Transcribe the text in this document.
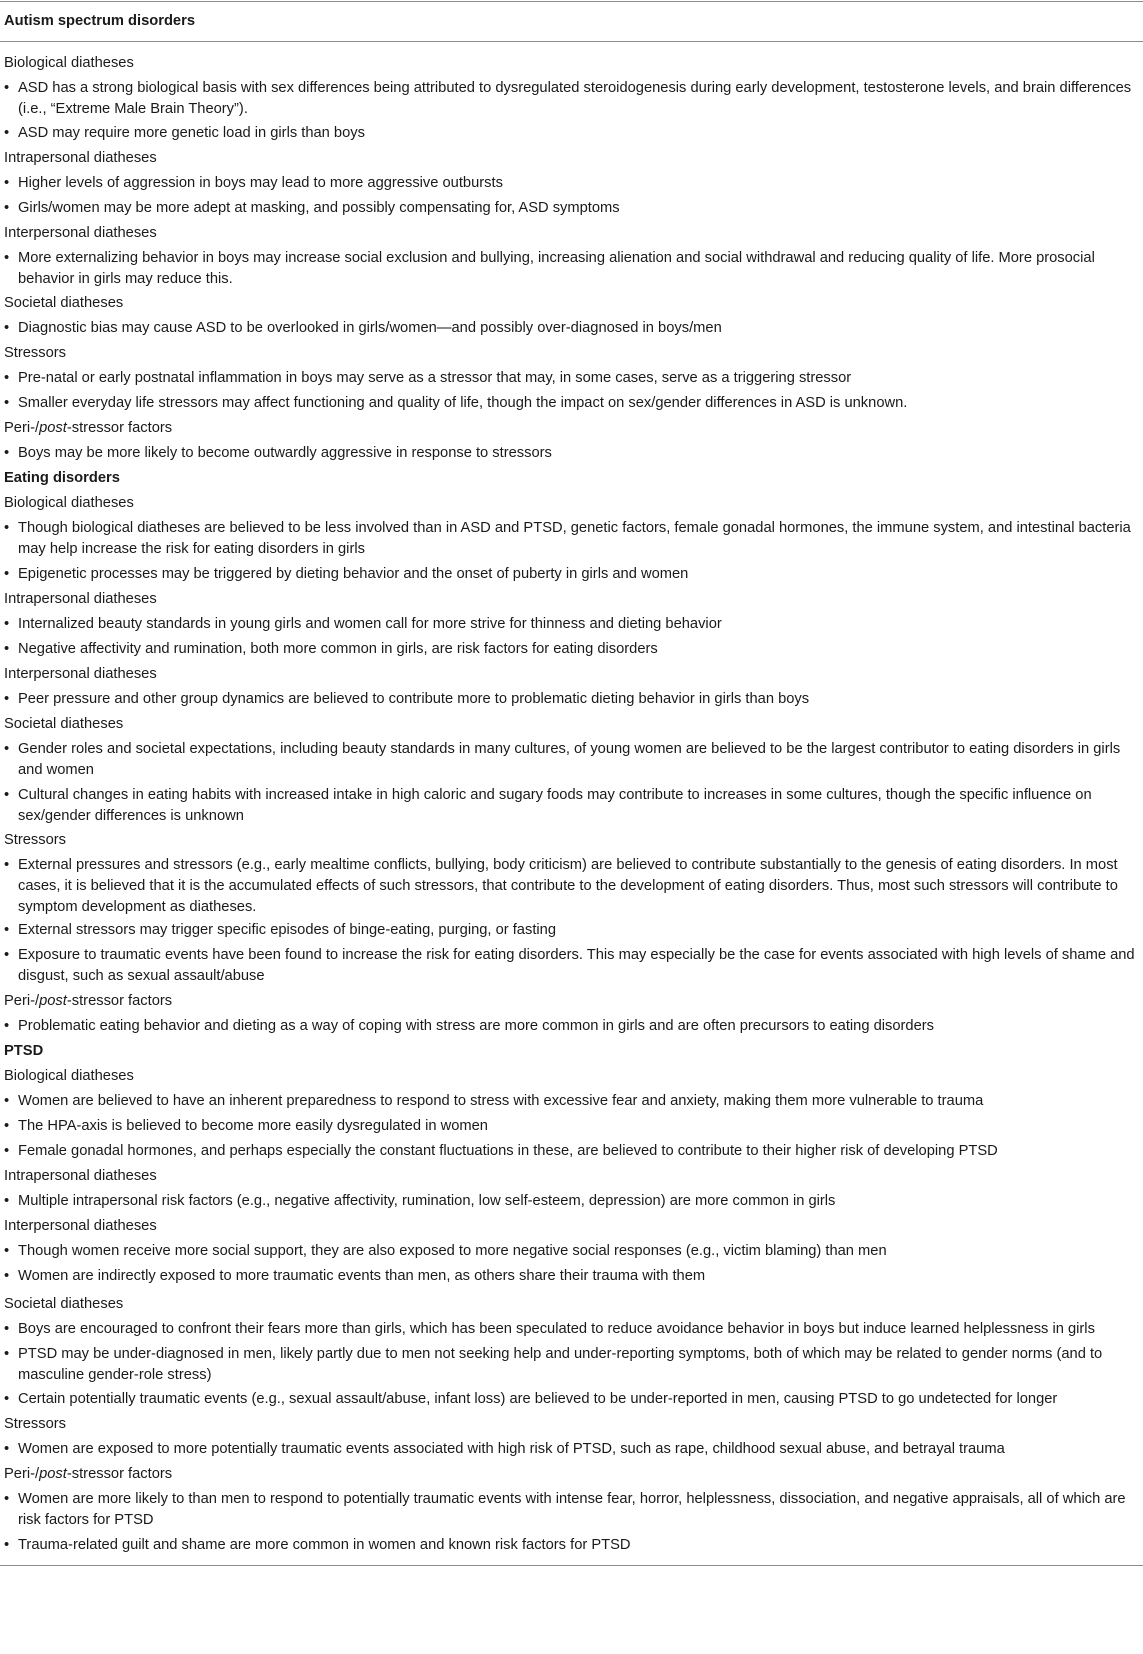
Autism spectrum disorders
Biological diatheses
• ASD has a strong biological basis with sex differences being attributed to dysregulated steroidogenesis during early development, testosterone levels, and brain differences (i.e., “Extreme Male Brain Theory”).
• ASD may require more genetic load in girls than boys
Intrapersonal diatheses
• Higher levels of aggression in boys may lead to more aggressive outbursts
• Girls/women may be more adept at masking, and possibly compensating for, ASD symptoms
Interpersonal diatheses
• More externalizing behavior in boys may increase social exclusion and bullying, increasing alienation and social withdrawal and reducing quality of life. More prosocial behavior in girls may reduce this.
Societal diatheses
• Diagnostic bias may cause ASD to be overlooked in girls/women—and possibly over-diagnosed in boys/men
Stressors
• Pre-natal or early postnatal inflammation in boys may serve as a stressor that may, in some cases, serve as a triggering stressor
• Smaller everyday life stressors may affect functioning and quality of life, though the impact on sex/gender differences in ASD is unknown.
Peri-/post-stressor factors
• Boys may be more likely to become outwardly aggressive in response to stressors
Eating disorders
Biological diatheses
• Though biological diatheses are believed to be less involved than in ASD and PTSD, genetic factors, female gonadal hormones, the immune system, and intestinal bacteria may help increase the risk for eating disorders in girls
• Epigenetic processes may be triggered by dieting behavior and the onset of puberty in girls and women
Intrapersonal diatheses
• Internalized beauty standards in young girls and women call for more strive for thinness and dieting behavior
• Negative affectivity and rumination, both more common in girls, are risk factors for eating disorders
Interpersonal diatheses
• Peer pressure and other group dynamics are believed to contribute more to problematic dieting behavior in girls than boys
Societal diatheses
• Gender roles and societal expectations, including beauty standards in many cultures, of young women are believed to be the largest contributor to eating disorders in girls and women
• Cultural changes in eating habits with increased intake in high caloric and sugary foods may contribute to increases in some cultures, though the specific influence on sex/gender differences is unknown
Stressors
• External pressures and stressors (e.g., early mealtime conflicts, bullying, body criticism) are believed to contribute substantially to the genesis of eating disorders. In most cases, it is believed that it is the accumulated effects of such stressors, that contribute to the development of eating disorders. Thus, most such stressors will contribute to symptom development as diatheses.
• External stressors may trigger specific episodes of binge-eating, purging, or fasting
• Exposure to traumatic events have been found to increase the risk for eating disorders. This may especially be the case for events associated with high levels of shame and disgust, such as sexual assault/abuse
Peri-/post-stressor factors
• Problematic eating behavior and dieting as a way of coping with stress are more common in girls and are often precursors to eating disorders
PTSD
Biological diatheses
• Women are believed to have an inherent preparedness to respond to stress with excessive fear and anxiety, making them more vulnerable to trauma
• The HPA-axis is believed to become more easily dysregulated in women
• Female gonadal hormones, and perhaps especially the constant fluctuations in these, are believed to contribute to their higher risk of developing PTSD
Intrapersonal diatheses
• Multiple intrapersonal risk factors (e.g., negative affectivity, rumination, low self-esteem, depression) are more common in girls
Interpersonal diatheses
• Though women receive more social support, they are also exposed to more negative social responses (e.g., victim blaming) than men
• Women are indirectly exposed to more traumatic events than men, as others share their trauma with them
Societal diatheses
• Boys are encouraged to confront their fears more than girls, which has been speculated to reduce avoidance behavior in boys but induce learned helplessness in girls
• PTSD may be under-diagnosed in men, likely partly due to men not seeking help and under-reporting symptoms, both of which may be related to gender norms (and to masculine gender-role stress)
• Certain potentially traumatic events (e.g., sexual assault/abuse, infant loss) are believed to be under-reported in men, causing PTSD to go undetected for longer
Stressors
• Women are exposed to more potentially traumatic events associated with high risk of PTSD, such as rape, childhood sexual abuse, and betrayal trauma
Peri-/post-stressor factors
• Women are more likely to than men to respond to potentially traumatic events with intense fear, horror, helplessness, dissociation, and negative appraisals, all of which are risk factors for PTSD
• Trauma-related guilt and shame are more common in women and known risk factors for PTSD
